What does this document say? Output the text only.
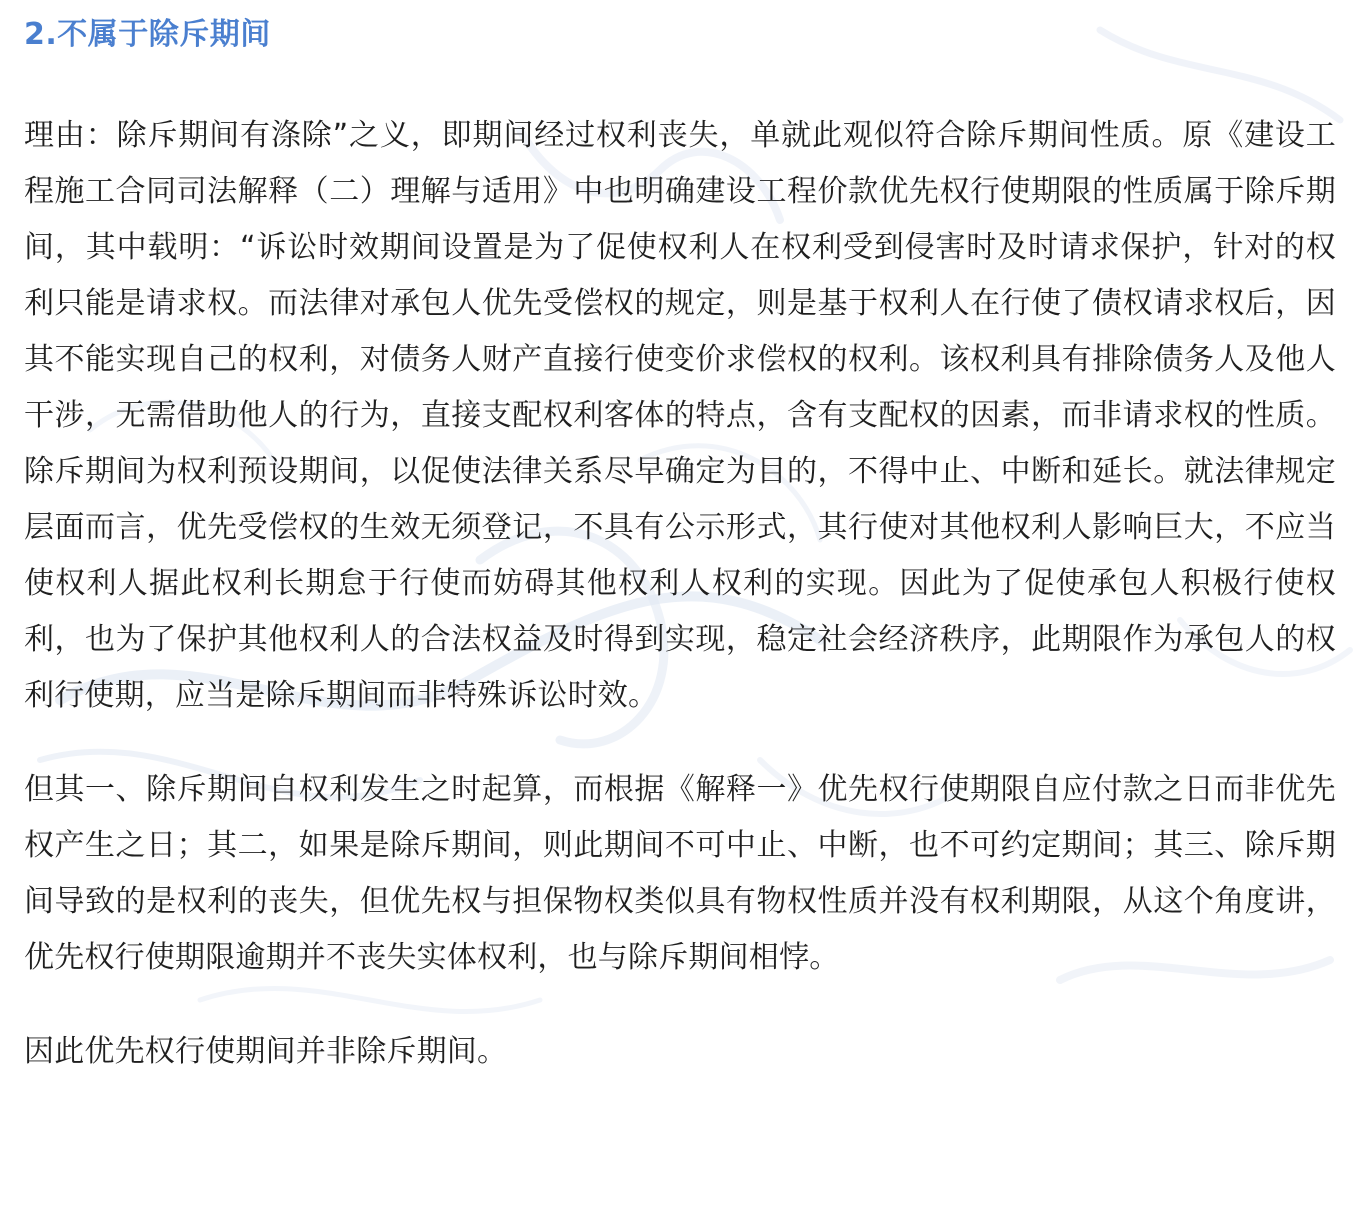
2.不属于除斥期间

理由：除斥期间有涤除”之义，即期间经过权利丧失，单就此观似符合除斥期间性质。原《建设工程施工合同司法解释（二）理解与适用》中也明确建设工程价款优先权行使期限的性质属于除斥期间，其中载明：“诉讼时效期间设置是为了促使权利人在权利受到侵害时及时请求保护，针对的权利只能是请求权。而法律对承包人优先受偿权的规定，则是基于权利人在行使了债权请求权后，因其不能实现自己的权利，对债务人财产直接行使变价求偿权的权利。该权利具有排除债务人及他人干涉，无需借助他人的行为，直接支配权利客体的特点，含有支配权的因素，而非请求权的性质。除斥期间为权利预设期间，以促使法律关系尽早确定为目的，不得中止、中断和延长。就法律规定层面而言，优先受偿权的生效无须登记，不具有公示形式，其行使对其他权利人影响巨大，不应当使权利人据此权利长期怠于行使而妨碍其他权利人权利的实现。因此为了促使承包人积极行使权利，也为了保护其他权利人的合法权益及时得到实现，稳定社会经济秩序，此期限作为承包人的权利行使期，应当是除斥期间而非特殊诉讼时效。

但其一、除斥期间自权利发生之时起算，而根据《解释一》优先权行使期限自应付款之日而非优先权产生之日；其二，如果是除斥期间，则此期间不可中止、中断，也不可约定期间；其三、除斥期间导致的是权利的丧失，但优先权与担保物权类似具有物权性质并没有权利期限，从这个角度讲，优先权行使期限逾期并不丧失实体权利，也与除斥期间相悖。

因此优先权行使期间并非除斥期间。
